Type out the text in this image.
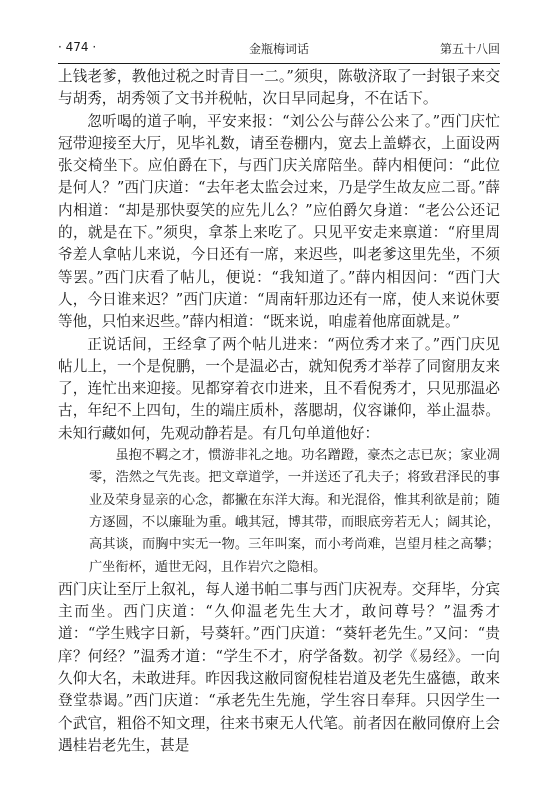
· 474 ·	金瓶梅词话	第五十八回

上钱老爹，教他过税之时青目一二。”须臾，陈敬济取了一封银子来交与胡秀，胡秀领了文书并税帖，次日早同起身，不在话下。

忽听喝的道子响，平安来报：“刘公公与薛公公来了。”西门庆忙冠带迎接至大厅，见毕礼数，请至卷棚内，宽去上盖蟒衣，上面设两张交椅坐下。应伯爵在下，与西门庆关席陪坐。薛内相便问：“此位是何人？”西门庆道：“去年老太监会过来，乃是学生故友应二哥。”薛内相道：“却是那快耍笑的应先儿么？”应伯爵欠身道：“老公公还记的，就是在下。”须臾，拿茶上来吃了。只见平安走来禀道：“府里周爷差人拿帖儿来说，今日还有一席，来迟些，叫老爹这里先坐，不须等罢。”西门庆看了帖儿，便说：“我知道了。”薛内相因问：“西门大人，今日谁来迟？”西门庆道：“周南轩那边还有一席，使人来说休要等他，只怕来迟些。”薛内相道：“既来说，咱虚着他席面就是。”

正说话间，王经拿了两个帖儿进来：“两位秀才来了。”西门庆见帖儿上，一个是倪鹏，一个是温必古，就知倪秀才举荐了同窗朋友来了，连忙出来迎接。见都穿着衣巾进来，且不看倪秀才，只见那温必古，年纪不上四旬，生的端庄质朴，落腮胡，仪容谦仰，举止温恭。未知行藏如何，先观动静若是。有几句单道他好：

虽抱不羁之才，惯游非礼之地。功名蹭蹬，豪杰之志已灰；家业凋零，浩然之气先丧。把文章道学，一并送还了孔夫子；将致君泽民的事业及荣身显亲的心念，都撇在东洋大海。和光混俗，惟其利欲是前；随方逐圆，不以廉耻为重。峨其冠，博其带，而眼底旁若无人；阔其论，高其谈，而胸中实无一物。三年叫案，而小考尚难，岂望月桂之高攀；广坐衔杯，遁世无闷，且作岩穴之隐相。

西门庆让至厅上叙礼，每人递书帕二事与西门庆祝寿。交拜毕，分宾主而坐。西门庆道：“久仰温老先生大才，敢问尊号？”温秀才道：“学生贱字日新，号葵轩。”西门庆道：“葵轩老先生。”又问：“贵庠？何经？”温秀才道：“学生不才，府学备数。初学《易经》。一向久仰大名，未敢进拜。昨因我这敝同窗倪桂岩道及老先生盛德，敢来登堂恭谒。”西门庆道：“承老先生先施，学生容日奉拜。只因学生一个武官，粗俗不知文理，往来书柬无人代笔。前者因在敝同僚府上会遇桂岩老先生，甚是
